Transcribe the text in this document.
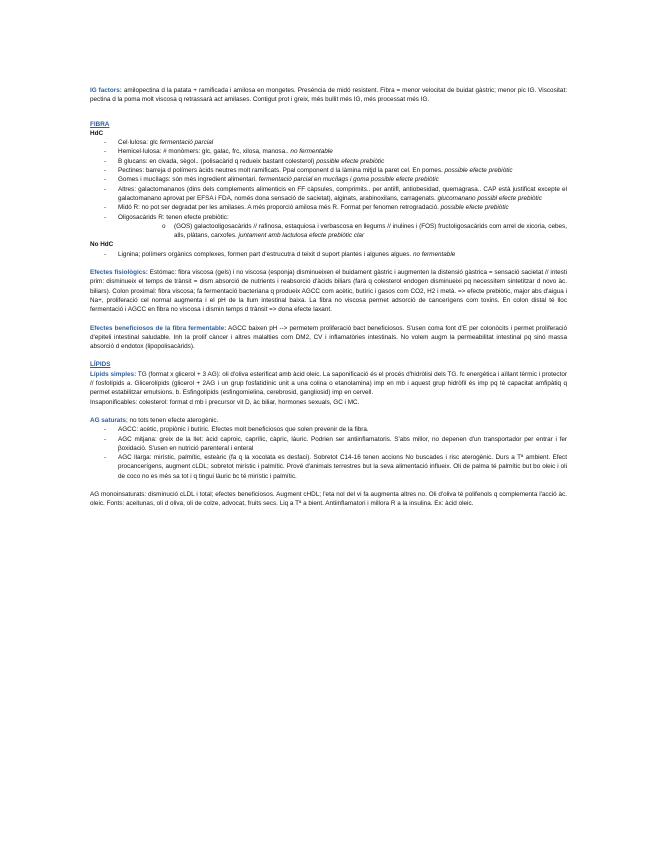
IG factors: amilopectina d la patata + ramificada i amilosa en mongetes. Presència de midó resistent. Fibra = menor velocitat de buidat gàstric; menor pic IG. Viscositat: pectina d la poma molt viscosa q retrassarà act amilases. Contigut prot i greix, més bullit més IG, més processat més IG.

FIBRA

HdC

- Cel·lulosa: glc fermentació parcial
- Hemicel·lulosa: # monòmers: glc, galac, frc, xilosa, manosa.. no fermentable
- Β glucans: en civada, sègol.. (polisacàrid q redueix bastant colesterol) possible efecte prebiòtic
- Pectines: barreja d polímers àcids neutres molt ramificats. Ppal component d la làmina mitjd la paret cel. En pomes. possible efecte prebiòtic
- Gomes i mucílags: són més ingredient alimentari. fermentació parcial en mucílags i goma possible efecte prebiòtic
- Altres: galactomananos (dins dels complements alimenticis en FF càpsules, comprimits.. per antiifl, antiobesidad, quemagrasa.. CAP està justificat excepte el galactomanano aprovat per EFSA i FDA, només dona sensació de sacietat), alginats, arabinoxilans, carragenats. glucomanano possibl efecte prebiòtic
- Midó R: no pot ser degradat per les amilases. A més proporció amilosa més R. Format per fenomen retrogradació. possible efecte prebiòtic
- Oligosacàrids R: tenen efecte prebiòtic:
o (GOS) galactooligosacàrids // rafinosa, estaquiosa i verbascosa en llegums // inulines i (FOS) fructoligosacàrids com arrel de xicoria, cebes, alls, plàtans, carxofes. juntament amb lactulosa efecte prebiòtic clar

No HdC

- Lignina; polímers orgànics complexes, formen part d'estrucutra d teixit d suport plantes i algunes algues. no fermentable

Efectes fisiològics: Estómac: fibra viscosa (gels) i no viscosa (esponja) disminueixen el buidament gàstric i augmenten la distensió gàstrica = sensació sacietat // intesti prim: disminueix el temps de trànsit = dism absorció de nutrients i reabsorció d'àcids biliars (farà q colesterol endogen disminueixi pq necessitem sintetitzar d novo àc. biliars). Colon proximal: fibra viscosa; fa fermentació bacteriana q produeix AGCC com acètic, butíric i gasos com CO2, H2 i metà. => efecte prebiòtic, major abs d'aigua i Na+, proliferació cel normal augmenta i el pH de la llum intestinal baixa. La fibra no viscosa permet adsorció de cancerígens com toxins. En colon distal té lloc fermentació i AGCC en fibra no viscosa i dismin temps d trànsit => dona efecte laxant.

Efectes beneficiosos de la fibra fermentable: AGCC baixen pH --> permetem proliferació bact beneficiosos. S'usen coma font d'E per colonòcits i permet proliferació d'epiteli intestinal saludable. Inh la prolif càncer i altres malalties com DM2, CV i inflamatòries intestinals. No volem augm la permeabilitat intestinal pq sinó massa absorció d endotox (lipopolisacàrids).

LÍPIDS

Lípids simples: TG (format x glicerol + 3 AG): oli d'oliva esterificat amb àcid oleic. La saponificació és el procés d'hidròlisi dels TG. fc energètica i aïllant tèrmic i protector // fosfolípids a. Glicerolípids (glicerol + 2AG i un grup fosfatidínic unit a una colina o etanolamina) imp en mb i aquest grup hidròfil és imp pq té capacitat amfipàtiq q permet estabilitzar emulsions. b. Esfingolípids (esfingomielina, cerebrosid, gangliosid) imp en cervell.

Insaponificables: colesterol: format d mb i precursor vit D, àc biliar, hormones sexuals, GC i MC.

AG saturats; no tots tenen efecte aterogènic.

- AGCC: acètic, propiònic i butíric. Efectes molt beneficiosos que solen prevenir de la fibra.
- AGC mitjana: greix de la llet: àcid caproic, caprílic, càpric, làuric. Podrien ser antiinflamatoris. S'abs millor, no depenen d'un transportador per entrar i fer βoxidació. S'usen en nutrició parenteral i enteral
- AGC llarga: mirístic, palmític, esteàric (fa q la xocolata es desfaci). Sobretot C14-16 tenen accions No buscades i risc aterogènic. Durs a Tª ambient. Efect procancerígens, augment cLDL; sobretot mirístic i palmític. Prové d'animals terrestres but la seva alimentació influeix. Oli de palma té palmític but bo oleic i oli de coco no es més sa tot i q tingui làuric bc té mirístic i palmític.

AG monoinsaturats: disminució cLDL i total; efectes beneficiosos. Augment cHDL; l'eta nol del vi fa augmenta altres no. Oli d'oliva té polifenols q complementa l'acció àc. oleic. Fonts: aceitunas, oli d oliva, oli de colze, advocat, fruits secs. Liq a Tª a bient. Antiinflamatori i millora R a la insulina. Ex: àcid oleic.
